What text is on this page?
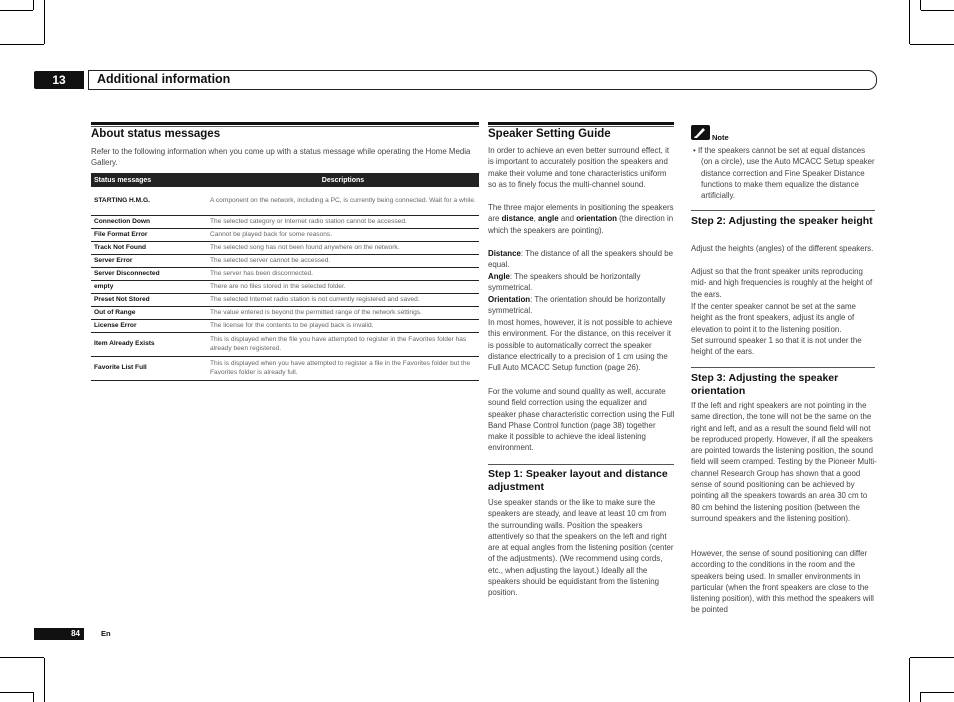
13	Additional information
About status messages

Refer to the following information when you come up with a status message while operating the Home Media Gallery.

Status messages	Descriptions
STARTING H.M.G.	A component on the network, including a PC, is currently being connected. Wait for a while.
Connection Down	The selected category or Internet radio station cannot be accessed.
File Format Error	Cannot be played back for some reasons.
Track Not Found	The selected song has not been found anywhere on the network.
Server Error	The selected server cannot be accessed.
Server Disconnected	The server has been disconnected.
empty	There are no files stored in the selected folder.
Preset Not Stored	The selected Internet radio station is not currently registered and saved.
Out of Range	The value entered is beyond the permitted range of the network settings.
License Error	The license for the contents to be played back is invalid.
Item Already Exists	This is displayed when the file you have attempted to register in the Favorites folder has already been registered.
Favorite List Full	This is displayed when you have attempted to register a file in the Favorites folder but the Favorites folder is already full.
Speaker Setting Guide

In order to achieve an even better surround effect, it is important to accurately position the speakers and make their volume and tone characteristics uniform so as to finely focus the multi-channel sound.

The three major elements in positioning the speakers are distance, angle and orientation (the direction in which the speakers are pointing).

Distance: The distance of all the speakers should be equal.

Angle: The speakers should be horizontally symmetrical.

Orientation: The orientation should be horizontally symmetrical.

In most homes, however, it is not possible to achieve this environment. For the distance, on this receiver it is possible to automatically correct the speaker distance electrically to a precision of 1 cm using the Full Auto MCACC Setup function (page 26).

For the volume and sound quality as well, accurate sound field correction using the equalizer and speaker phase characteristic correction using the Full Band Phase Control function (page 38) together make it possible to achieve the ideal listening environment.

Step 1: Speaker layout and distance adjustment

Use speaker stands or the like to make sure the speakers are steady, and leave at least 10 cm from the surrounding walls. Position the speakers attentively so that the speakers on the left and right are at equal angles from the listening position (center of the adjustments). (We recommend using cords, etc., when adjusting the layout.) Ideally all the speakers should be equidistant from the listening position.

Note

• If the speakers cannot be set at equal distances (on a circle), use the Auto MCACC Setup speaker distance correction and Fine Speaker Distance functions to make them equalize the distance artificially.

Step 2: Adjusting the speaker height

Adjust the heights (angles) of the different speakers.

Adjust so that the front speaker units reproducing mid- and high frequencies is roughly at the height of the ears.

If the center speaker cannot be set at the same height as the front speakers, adjust its angle of elevation to point it to the listening position.

Set surround speaker 1 so that it is not under the height of the ears.

Step 3: Adjusting the speaker orientation

If the left and right speakers are not pointing in the same direction, the tone will not be the same on the right and left, and as a result the sound field will not be reproduced properly. However, if all the speakers are pointed towards the listening position, the sound field will seem cramped. Testing by the Pioneer Multi-channel Research Group has shown that a good sense of sound positioning can be achieved by pointing all the speakers towards an area 30 cm to 80 cm behind the listening position (between the surround speakers and the listening position).

However, the sense of sound positioning can differ according to the conditions in the room and the speakers being used. In smaller environments in particular (when the front speakers are close to the listening position), with this method the speakers will be pointed

84	En
